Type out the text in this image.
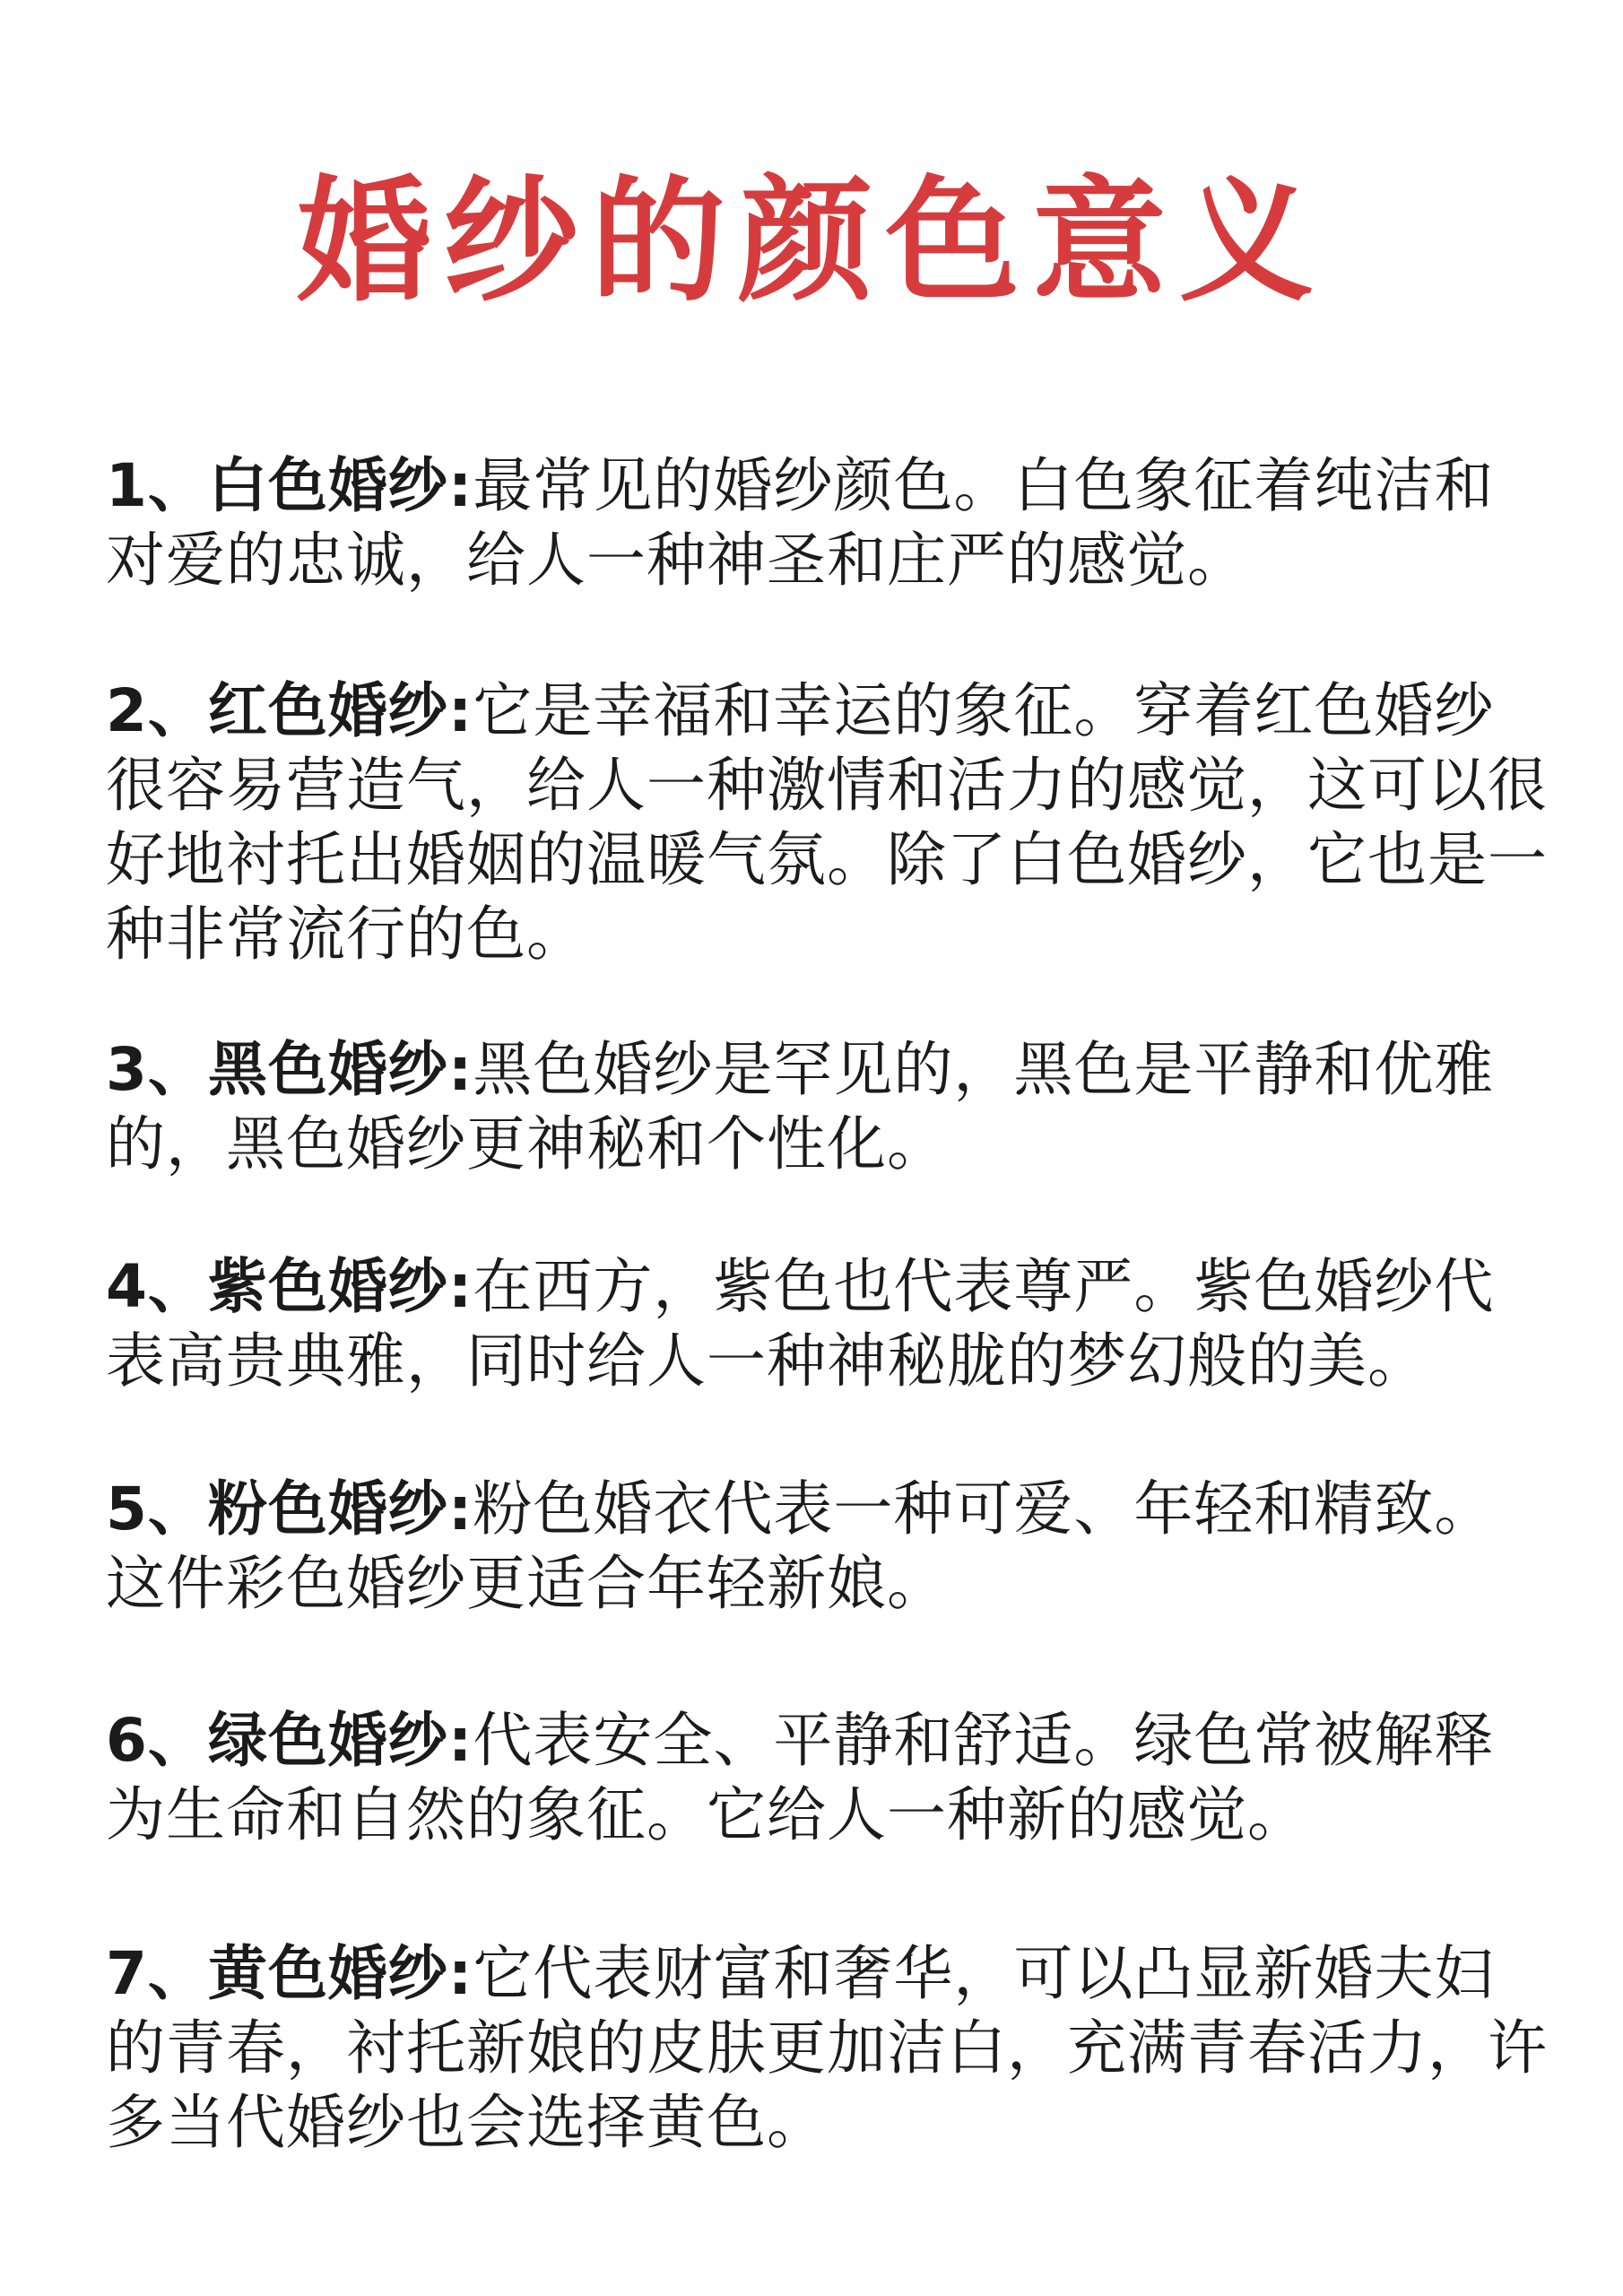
婚纱的颜色意义

1、白色婚纱:最常见的婚纱颜色。白色象征着纯洁和对爱的忠诚，给人一种神圣和庄严的感觉。

2、红色婚纱:它是幸福和幸运的象征。穿着红色婚纱很容易营造气，给人一种激情和活力的感觉，这可以很好地衬托出婚姻的温暖气氛。除了白色婚纱，它也是一种非常流行的色。

3、黑色婚纱:黑色婚纱是罕见的，黑色是平静和优雅的，黑色婚纱更神秘和个性化。

4、紫色婚纱:在西方，紫色也代表尊严。紫色婚纱代表高贵典雅，同时给人一种神秘胧的梦幻般的美。

5、粉色婚纱:粉色婚衣代表一种可爱、年轻和精致。这件彩色婚纱更适合年轻新娘。

6、绿色婚纱:代表安全、平静和舒适。绿色常被解释为生命和自然的象征。它给人一种新的感觉。

7、黄色婚纱:它代表财富和奢华，可以凸显新婚夫妇的青春，衬托新娘的皮肤更加洁白，充满青春活力，许多当代婚纱也会选择黄色。
